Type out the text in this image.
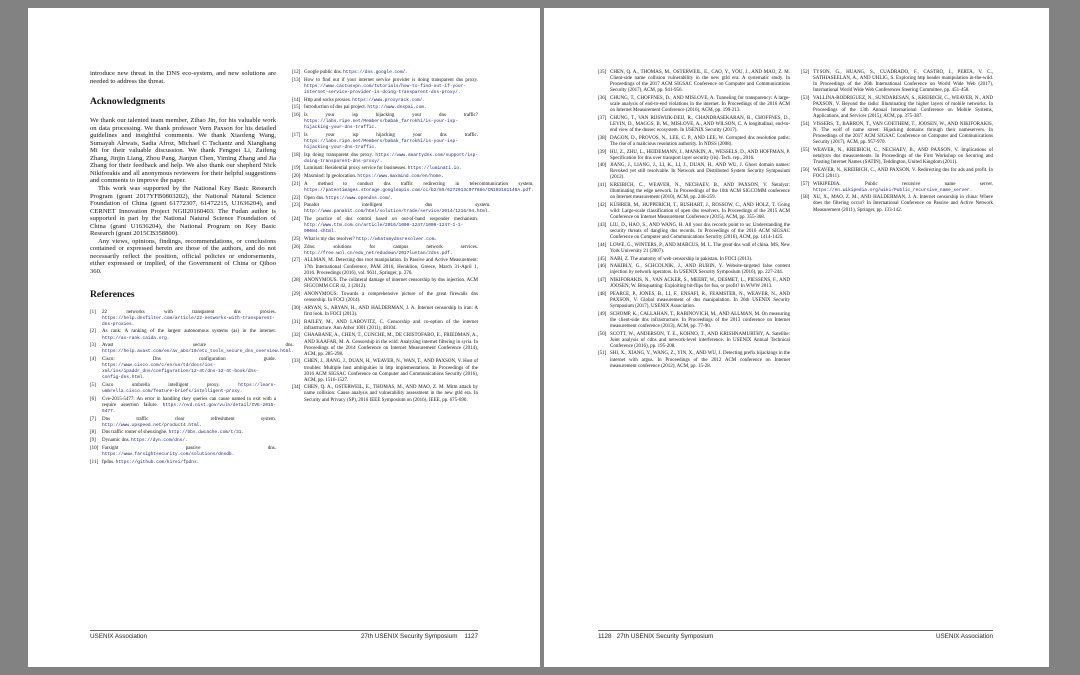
introduce new threat in the DNS eco-system, and new solutions are needed to address the threat.

Acknowledgments

We thank our talented team member, Zihao Jin, for his valuable work on data processing. We thank professor Vern Paxson for his detailed guidelines and insightful comments. We thank Xiaofeng Wang, Sumayah Alrwais, Sadia Afroz, Michael C Tschantz and Xianghang Mi for their valuable discussion. We thank Fengpei Li, Zaifeng Zhang, Jinjin Liang, Zhou Pang, Jianjun Chen, Yiming Zhang and Jia Zhang for their feedback and help. We also thank our shepherd Nick Nikiforakis and all anonymous reviewers for their helpful suggestions and comments to improve the paper.

This work was supported by the National Key Basic Research Program (grant 2017YFB0803202), the National Natural Science Foundation of China (grant 61772307, 61472215, U1636204), and CERNET Innovation Project NGII20160403. The Fudan author is supported in part by the National Natural Science Foundation of China (grant U1636204), the National Program on Key Basic Research (grant 2015CB358800).

Any views, opinions, findings, recommendations, or conclusions contained or expressed herein are those of the authors, and do not necessarily reflect the position, official policies or endorsements, either expressed or implied, of the Government of China or Qihoo 360.

References
[1]	22 networks with transparent dns proxies. https://help.dnsfilter.com/article/22-networks-with-transparent-dns-proxies.
[2]	As rank: A ranking of the largest autonomous systems (as) in the internet. http://as-rank.caida.org.
[3]	Avast secure dns. https://help.avast.com/en/av_abs/10/etc_tools_secure_dns_overview.html.
[4]	Cisco: Dns configuration guide. https://www.cisco.com/c/en/us/td/docs/ios-xml/ios/ipaddr_dns/configuration/12-4t/dns-12-4t-book/dns-config-dns.html.
[5]	Cisco umbrella intelligent proxy.	https://learn-umbrella.cisco.com/feature-briefs/intelligent-proxy.
[6]	Cve-2015-5477: An error in handling tkey queries can cause named to exit with a require assertion failure. https://nvd.nist.gov/vuln/detail/CVE-2015-5477.
[7]	Dns traffic clear refreshment system. http://www.xpspeed.net/product4.html.
[8]	Dns traffic router of shenxinghe. http://bbs.dwcache.com/t/31.
[9]	Dynamic dns. https://dyn.com/dns/.
[10] Farsight passive dns. https://www.farsightsecurity.com/solutions/dnsdb.
[11] fpdns. https://github.com/kirei/fpdns.
[12] Google public dns. https://dns.google.com/.
[13] How to find out if your internet service provider is doing transparent dns proxy. https://www.cactusvpn.com/tutorials/how-to-find-out-if-your-internet-service-provider-is-doing-transparent-dns-proxy/.
[14] Http and socks proxies. https://www.proxyrack.com/.
[15] Introduction of dns pai project. http://www.dnspai.com.
[16] Is your isp hijacking your dns traffic? https://labs.ripe.net/Members/babak_farrokhi/is-your-isp-hijacking-your-dns-traffic.
[17] Is your isp hijacking your dns traffic. https://labs.ripe.net/Members/babak_farrokhi/is-your-isp-hijacking-your-dns-traffic.
[18] Isp doing transparent dns proxy. https://www.smartydns.com/support/isp-doing-transparent-dns-proxy/.
[19] Luminati: Residential proxy service for businesses. https://luminati.io.
[20] Maxmind: Ip geolocation. https://www.maxmind.com/en/home.
[21] A method to conduct dns traffic redirecting in telecommunication system. https://patentimages.storage.googleapis.com/cc/b2/85/6272013c07768e/CN103181146A.pdf.
[22] Open dns. https://www.opendns.com/.
[23] Panabit intelligent dns system. http://www.panabit.com/html/solution/trade/service/2014/1216/94.html.
[24] The practice of dns control based on out-of-band responder mechanism. http://www.ttm.com.cn/article/2016/1000-1247/1000-1247-1-1-00084.shtml.
[25] What is my dns resolver? http://whatsmydnsresolver.com.
[26] Zdns: solutions for campus network services. http://free.wol.cn/edu_net/edudown/2017luntan/zdns.pdf.
[27] ALLMAN, M. Detecting dns root manipulation. In Passive and Active Measurement: 17th International Conference, PAM 2016, Heraklion, Greece, March 31-April 1, 2016. Proceedings (2016), vol. 9631, Springer, p. 276.
[28] ANONYMOUS. The collateral damage of internet censorship by dns injection. ACM SIGCOMM CCR 42, 3 (2012).
[29] ANONYMOUS. Towards a comprehensive picture of the great firewalls dns censorship. In FOCI (2014).
[30] ARYAN, S., ARYAN, H., AND HALDERMAN, J. A. Internet censorship in iran: A first look. In FOCI (2013).
[31] BAILEY, M., AND LABOVITZ, C. Censorship and co-option of the internet infrastructure. Ann Arbor 1001 (2011), 48104.
[32] CHAABANE, A., CHEN, T., CUNCHE, M., DE CRISTOFARO, E., FRIEDMAN, A., AND KAAFAR, M. A. Censorship in the wild: Analyzing internet filtering in syria. In Proceedings of the 2014 Conference on Internet Measurement Conference (2014), ACM, pp. 285-298.
[33] CHEN, J., JIANG, J., DUAN, H., WEAVER, N., WAN, T., AND PAXSON, V. Host of troubles: Multiple host ambiguities in http implementations. In Proceedings of the 2016 ACM SIGSAC Conference on Computer and Communications Security (2016), ACM, pp. 1516-1527.
[34] CHEN, Q. A., OSTERWEIL, E., THOMAS, M., AND MAO, Z. M. Mitm attack by name collision: Cause analysis and vulnerability assessment in the new gtld era. In Security and Privacy (SP), 2016 IEEE Symposium on (2016), IEEE, pp. 675-690.
USENIX Association	27th USENIX Security Symposium    1127
[35] CHEN, Q. A., THOMAS, M., OSTERWEIL, E., CAO, Y., YOU, J., AND MAO, Z. M. Client-side name collision vulnerability in the new gtld era: A systematic study. In Proceedings of the 2017 ACM SIGSAC Conference on Computer and Communications Security (2017), ACM, pp. 941-956.
[36] CHUNG, T., CHOFFNES, D., AND MISLOVE, A. Tunneling for transparency: A large-scale analysis of end-to-end violations in the internet. In Proceedings of the 2016 ACM on Internet Measurement Conference (2016), ACM, pp. 199-213.
[37] CHUNG, T., VAN RIJSWIJK-DEIJ, R., CHANDRASEKARAN, B., CHOFFNES, D., LEVIN, D., MAGGS, B. M., MISLOVE, A., AND WILSON, C. A longitudinal, end-to-end view of the dnssec ecosystem. In USENIX Security (2017).
[38] DAGON, D., PROVOS, N., LEE, C. P., AND LEE, W. Corrupted dns resolution paths: The rise of a malicious resolution authority. In NDSS (2008).
[39] HU, Z., ZHU, L., HEIDEMANN, J., MANKIN, A., WESSELS, D., AND HOFFMAN, P. Specification for dns over transport layer security (tls). Tech. rep., 2016.
[40] JIANG, J., LIANG, J., LI, K., LI, J., DUAN, H., AND WU, J. Ghost domain names: Revoked yet still resolvable. In Network and Distributed System Security Symposium (2012).
[41] KREIBICH, C., WEAVER, N., NECHAEV, B., AND PAXSON, V. Netalyzr: illuminating the edge network. In Proceedings of the 10th ACM SIGCOMM conference on Internet measurement (2010), ACM, pp. 246-259.
[42] KÜHRER, M., HUPPERICH, T., BUSHART, J., ROSSOW, C., AND HOLZ, T. Going wild: Large-scale classification of open dns resolvers. In Proceedings of the 2015 ACM Conference on Internet Measurement Conference (2015), ACM, pp. 355-368.
[43] LIU, D., HAO, S., AND WANG, H. All your dns records point to us: Understanding the security threats of dangling dns records. In Proceedings of the 2016 ACM SIGSAC Conference on Computer and Communications Security (2016), ACM, pp. 1414-1425.
[44] LOWE, G., WINTERS, P., AND MARCUS, M. L. The great dns wall of china. MS, New York University 21 (2007).
[45] NABI, Z. The anatomy of web censorship in pakistan. In FOCI (2013).
[46] NAKIBLY, G., SCHCOLNIK, J., AND RUBIN, Y. Website-targeted false content injection by network operators. In USENIX Security Symposium (2016), pp. 227-244.
[47] NIKIFORAKIS, N., VAN ACKER, S., MEERT, W., DESMET, L., PIESSENS, F., AND JOOSEN, W. Bitsquatting: Exploiting bit-flips for fun, or profit? In WWW 2013.
[48] PEARCE, P., JONES, B., LI, F., ENSAFI, R., FEAMSTER, N., WEAVER, N., AND PAXSON, V. Global measurement of dns manipulation. In 26th USENIX Security Symposium (2017), USENIX Association.
[49] SCHOMP, K., CALLAHAN, T., RABINOVICH, M., AND ALLMAN, M. On measuring the client-side dns infrastructure. In Proceedings of the 2013 conference on Internet measurement conference (2013), ACM, pp. 77-90.
[50] SCOTT, W., ANDERSON, T. E., KOHNO, T., AND KRISHNAMURTHY, A. Satellite: Joint analysis of cdns and network-level interference. In USENIX Annual Technical Conference (2016), pp. 195-208.
[51] SHI, X., XIANG, Y., WANG, Z., YIN, X., AND WU, J. Detecting prefix hijackings in the internet with argus. In Proceedings of the 2012 ACM conference on Internet measurement conference (2012), ACM, pp. 15-28.
[52] TYSON, G., HUANG, S., CUADRADO, F., CASTRO, I., PERTA, V. C., SATHIASEELAN, A., AND UHLIG, S. Exploring http header manipulation in-the-wild. In Proceedings of the 26th International Conference on World Wide Web (2017), International World Wide Web Conferences Steering Committee, pp. 451-458.
[53] VALLINA-RODRIGUEZ, N., SUNDARESAN, S., KREIBICH, C., WEAVER, N., AND PAXSON, V. Beyond the radio: Illuminating the higher layers of mobile networks. In Proceedings of the 13th Annual International Conference on Mobile Systems, Applications, and Services (2015), ACM, pp. 375-387.
[54] VISSERS, T., BARRON, T., VAN GOETHEM, T., JOOSEN, W., AND NIKIFORAKIS, N. The wolf of name street: Hijacking domains through their nameservers. In Proceedings of the 2017 ACM SIGSAC Conference on Computer and Communications Security (2017), ACM, pp. 957-970.
[55] WEAVER, N., KREIBICH, C., NECHAEV, B., AND PAXSON, V. Implications of netalyzrs dns measurements. In Proceedings of the First Workshop on Securing and Trusting Internet Names (SATIN), Teddington, United Kingdom (2011).
[56] WEAVER, N., KREIBICH, C., AND PAXSON, V. Redirecting dns for ads and profit. In FOCI (2011).
[57] WIKIPEDIA. Public recursive name server. https://en.wikipedia.org/wiki/Public_recursive_name_server.
[58] XU, X., MAO, Z. M., AND HALDERMAN, J. A. Internet censorship in china: Where does the filtering occur? In International Conference on Passive and Active Network Measurement (2011), Springer, pp. 133-142.
1128   27th USENIX Security Symposium	USENIX Association
